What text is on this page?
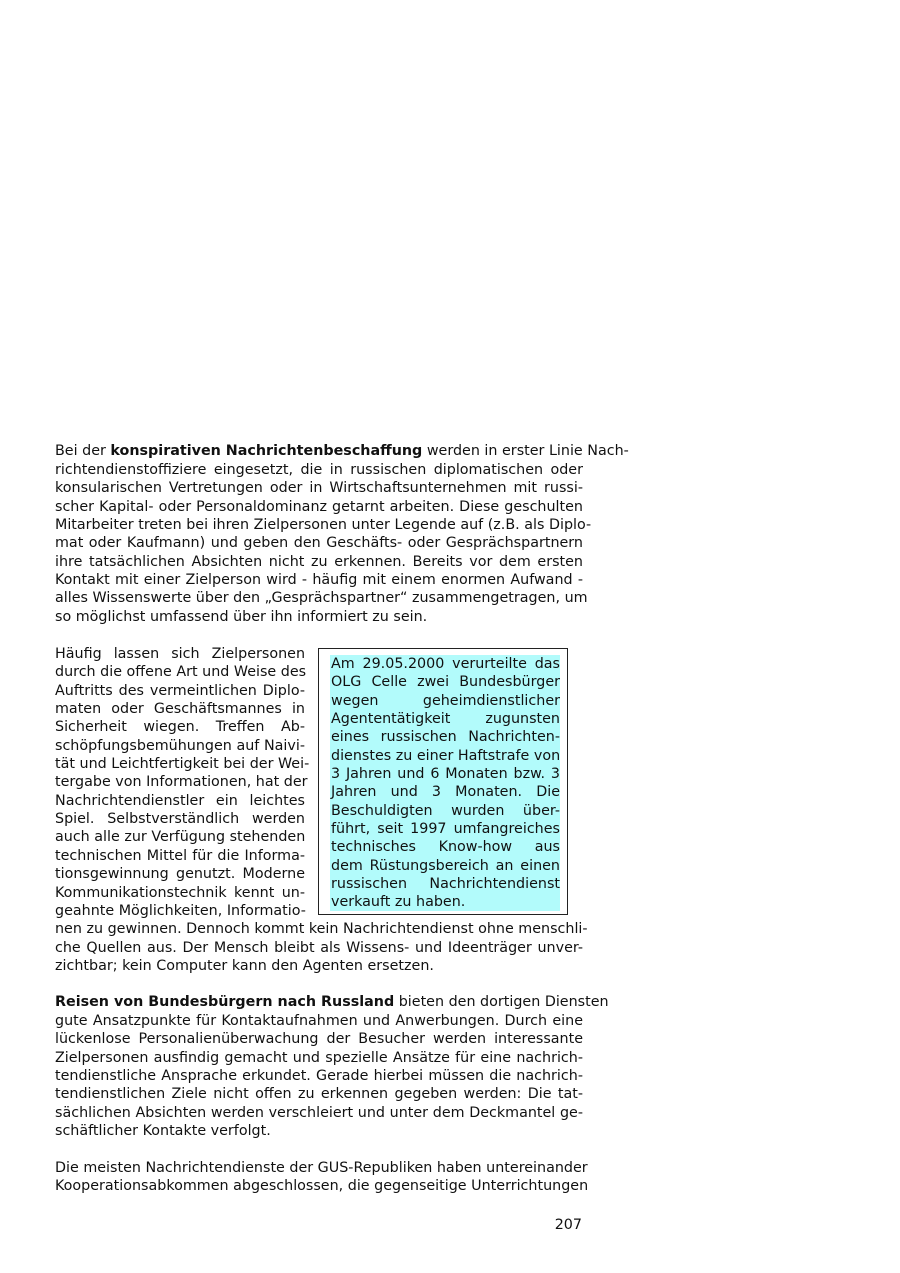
Bei der konspirativen Nachrichtenbeschaffung werden in erster Linie Nach-
richtendienstoffiziere eingesetzt, die in russischen diplomatischen oder
konsularischen Vertretungen oder in Wirtschaftsunternehmen mit russi-
scher Kapital- oder Personaldominanz getarnt arbeiten. Diese geschulten
Mitarbeiter treten bei ihren Zielpersonen unter Legende auf (z.B. als Diplo-
mat oder Kaufmann) und geben den Geschäfts- oder Gesprächspartnern
ihre tatsächlichen Absichten nicht zu erkennen. Bereits vor dem ersten
Kontakt mit einer Zielperson wird - häufig mit einem enormen Aufwand -
alles Wissenswerte über den „Gesprächspartner“ zusammengetragen, um
so möglichst umfassend über ihn informiert zu sein.
Häufig lassen sich Zielpersonen
durch die offene Art und Weise des
Auftritts des vermeintlichen Diplo-
maten oder Geschäftsmannes in
Sicherheit wiegen. Treffen Ab-
schöpfungsbemühungen auf Naivi-
tät und Leichtfertigkeit bei der Wei-
tergabe von Informationen, hat der
Nachrichtendienstler ein leichtes
Spiel. Selbstverständlich werden
auch alle zur Verfügung stehenden
technischen Mittel für die Informa-
tionsgewinnung genutzt. Moderne
Kommunikationstechnik kennt un-
geahnte Möglichkeiten, Informatio-
nen zu gewinnen. Dennoch kommt kein Nachrichtendienst ohne menschli-
che Quellen aus. Der Mensch bleibt als Wissens- und Ideenträger unver-
zichtbar; kein Computer kann den Agenten ersetzen.
Am 29.05.2000 verurteilte das
OLG Celle zwei Bundesbürger
wegen geheimdienstlicher
Agententätigkeit zugunsten
eines russischen Nachrichten-
dienstes zu einer Haftstrafe von
3 Jahren und 6 Monaten bzw. 3
Jahren und 3 Monaten. Die
Beschuldigten wurden über-
führt, seit 1997 umfangreiches
technisches Know-how aus
dem Rüstungsbereich an einen
russischen Nachrichtendienst
verkauft zu haben.
Reisen von Bundesbürgern nach Russland bieten den dortigen Diensten
gute Ansatzpunkte für Kontaktaufnahmen und Anwerbungen. Durch eine
lückenlose Personalienüberwachung der Besucher werden interessante
Zielpersonen ausfindig gemacht und spezielle Ansätze für eine nachrich-
tendienstliche Ansprache erkundet. Gerade hierbei müssen die nachrich-
tendienstlichen Ziele nicht offen zu erkennen gegeben werden: Die tat-
sächlichen Absichten werden verschleiert und unter dem Deckmantel ge-
schäftlicher Kontakte verfolgt.
Die meisten Nachrichtendienste der GUS-Republiken haben untereinander
Kooperationsabkommen abgeschlossen, die gegenseitige Unterrichtungen
207
